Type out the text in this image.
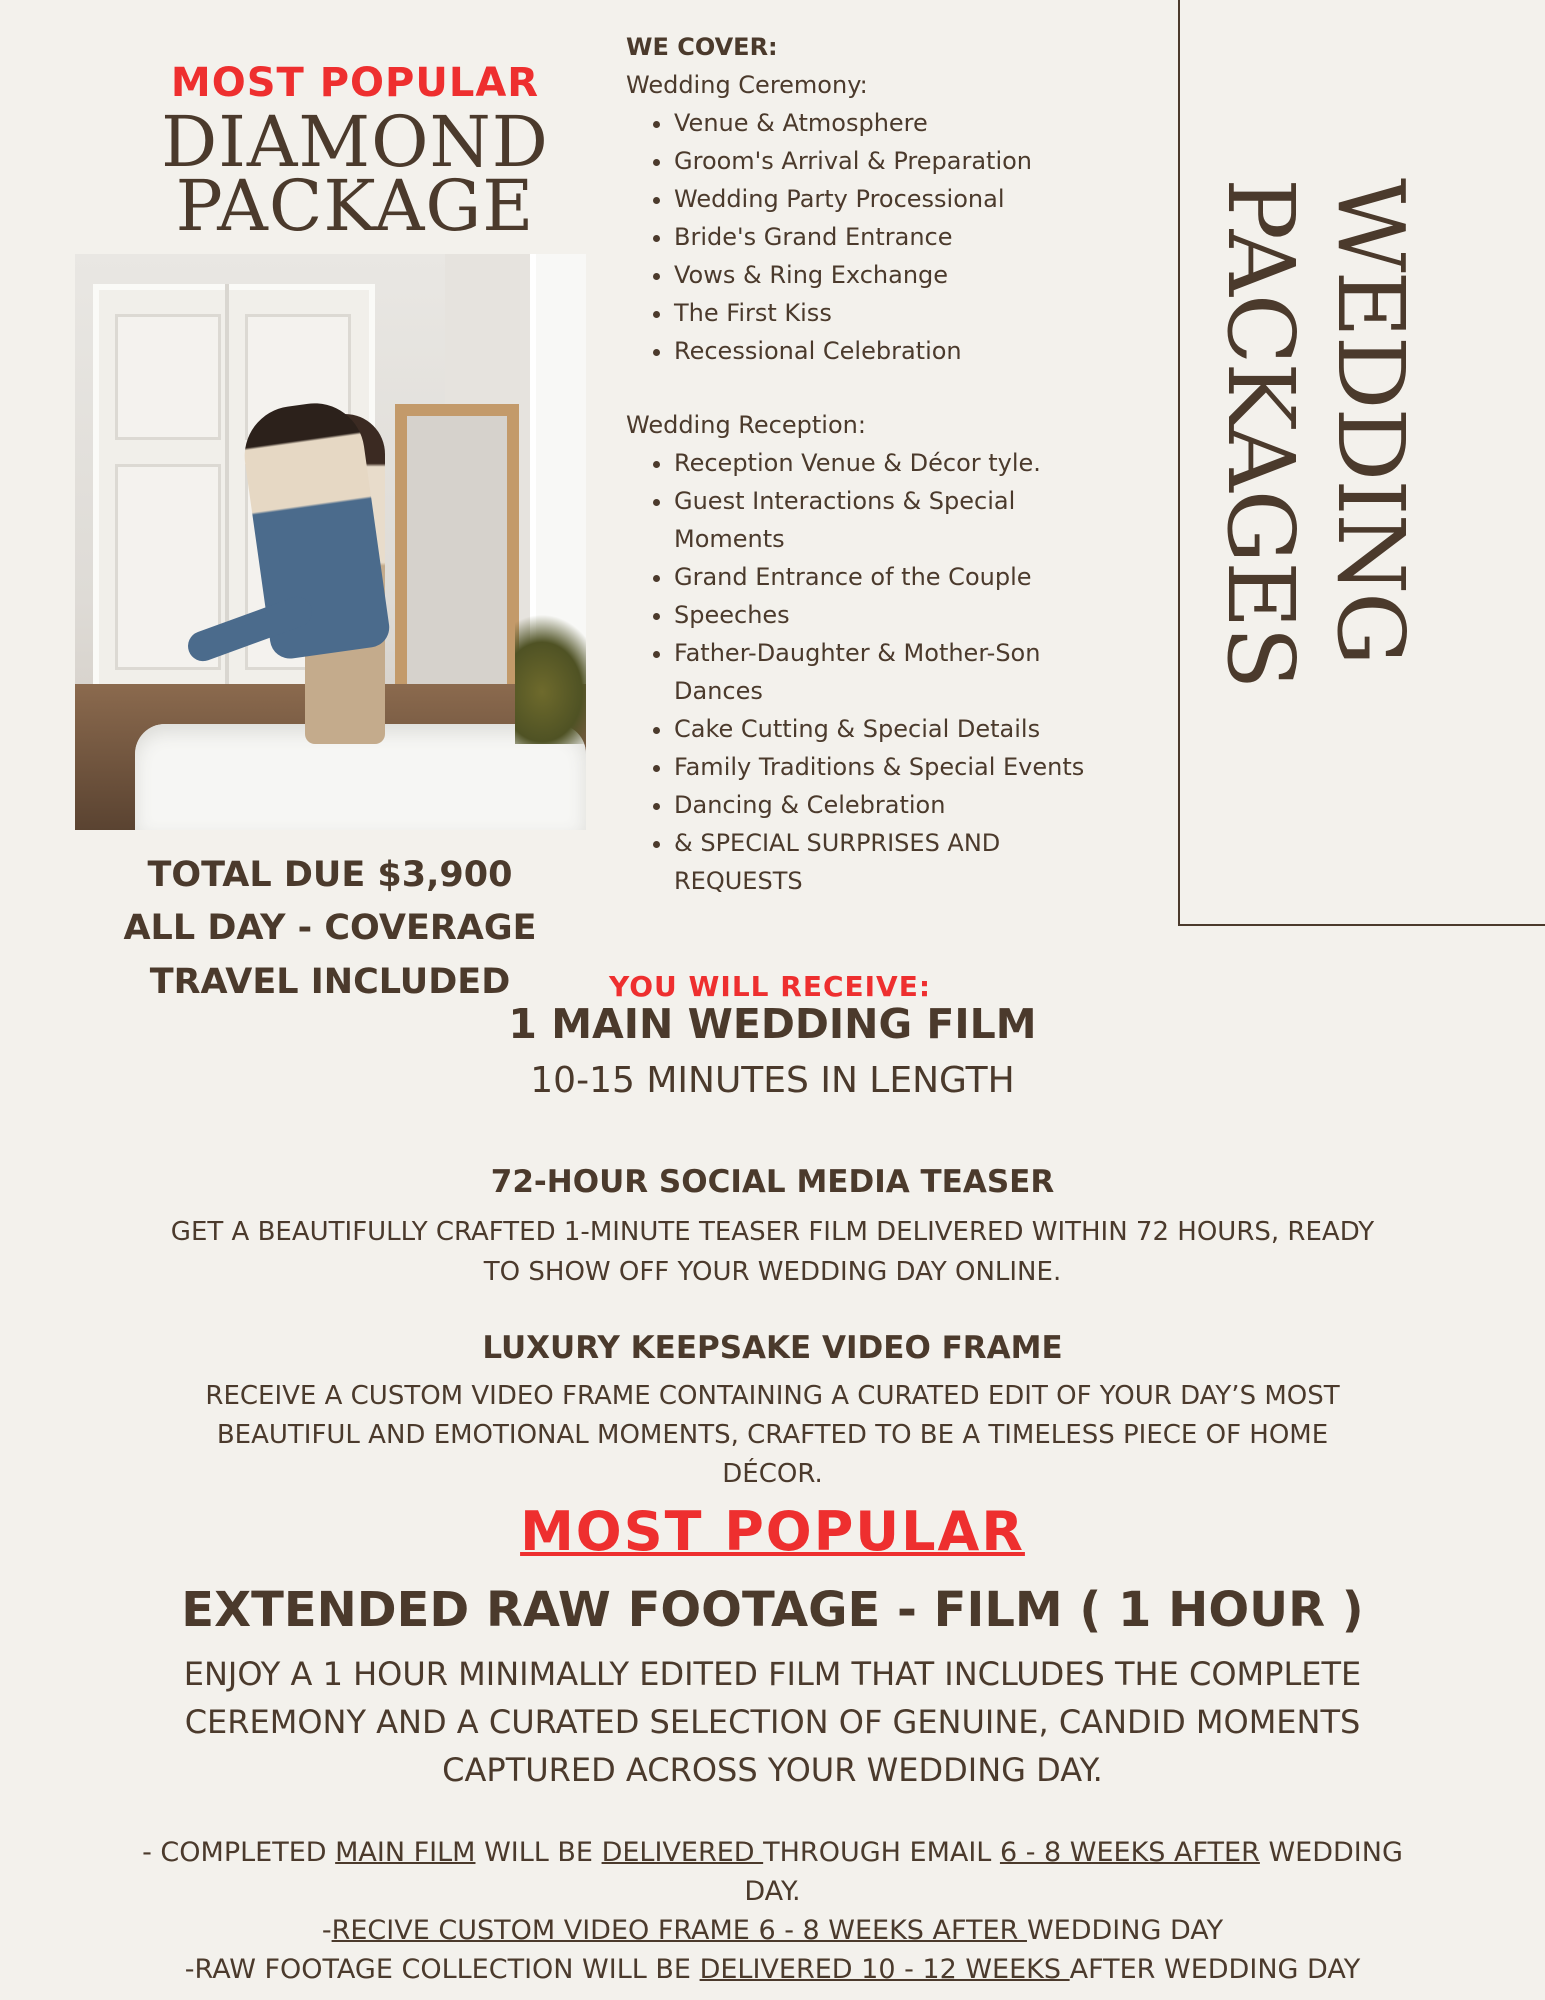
MOST POPULAR
DIAMOND
PACKAGE
TOTAL DUE $3,900
ALL DAY - COVERAGE
TRAVEL INCLUDED
WE COVER:
Wedding Ceremony:
• Venue & Atmosphere
• Groom's Arrival & Preparation
• Wedding Party Processional
• Bride's Grand Entrance
• Vows & Ring Exchange
• The First Kiss
• Recessional Celebration
Wedding Reception:
• Reception Venue & Décor tyle.
• Guest Interactions & Special Moments
• Grand Entrance of the Couple
• Speeches
• Father-Daughter & Mother-Son Dances
• Cake Cutting & Special Details
• Family Traditions & Special Events
• Dancing & Celebration
• & SPECIAL SURPRISES AND REQUESTS
WEDDING
PACKAGES
YOU WILL RECEIVE:
1 MAIN WEDDING FILM
10-15 MINUTES IN LENGTH
72-HOUR SOCIAL MEDIA TEASER
GET A BEAUTIFULLY CRAFTED 1-MINUTE TEASER FILM DELIVERED WITHIN 72 HOURS, READY TO SHOW OFF YOUR WEDDING DAY ONLINE.
LUXURY KEEPSAKE VIDEO FRAME
RECEIVE A CUSTOM VIDEO FRAME CONTAINING A CURATED EDIT OF YOUR DAY’S MOST BEAUTIFUL AND EMOTIONAL MOMENTS, CRAFTED TO BE A TIMELESS PIECE OF HOME DÉCOR.
MOST POPULAR
EXTENDED RAW FOOTAGE - FILM ( 1 HOUR )
ENJOY A 1 HOUR MINIMALLY EDITED FILM THAT INCLUDES THE COMPLETE CEREMONY AND A CURATED SELECTION OF GENUINE, CANDID MOMENTS CAPTURED ACROSS YOUR WEDDING DAY.
- COMPLETED MAIN FILM WILL BE DELIVERED THROUGH EMAIL 6 - 8 WEEKS AFTER WEDDING DAY.
-RECIVE CUSTOM VIDEO FRAME 6 - 8 WEEKS AFTER WEDDING DAY
-RAW FOOTAGE COLLECTION WILL BE DELIVERED 10 - 12 WEEKS AFTER WEDDING DAY
